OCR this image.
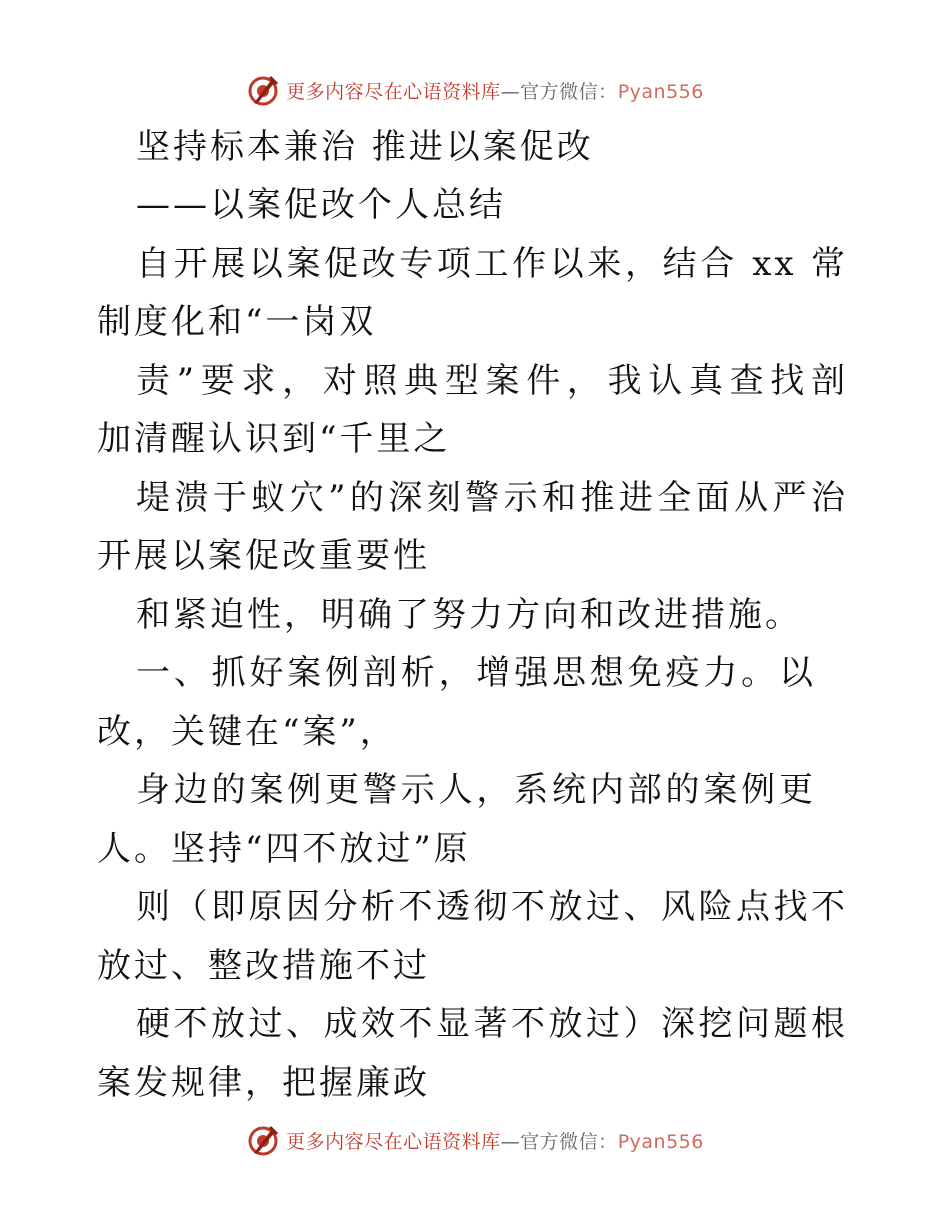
更多内容尽在心语资料库—官方微信：Pyan556
坚持标本兼治 推进以案促改
——以案促改个人总结
自开展以案促改专项工作以来，结合 xx 常
制度化和“一岗双
责”要求，对照典型案件，我认真查找剖
加清醒认识到“千里之
堤溃于蚁穴”的深刻警示和推进全面从严治
开展以案促改重要性
和紧迫性，明确了努力方向和改进措施。
一、抓好案例剖析，增强思想免疫力。以
改，关键在“案”，
身边的案例更警示人，系统内部的案例更
人。坚持“四不放过”原
则（即原因分析不透彻不放过、风险点找不
放过、整改措施不过
硬不放过、成效不显著不放过）深挖问题根
案发规律，把握廉政
更多内容尽在心语资料库—官方微信：Pyan556
